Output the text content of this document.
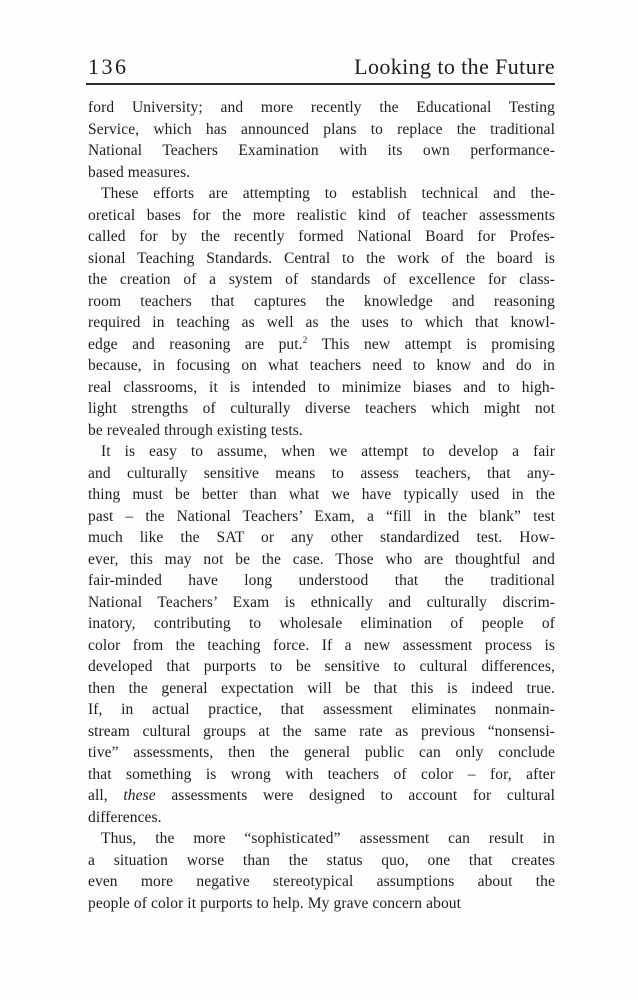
136	Looking to the Future
ford University; and more recently the Educational Testing
Service, which has announced plans to replace the traditional
National Teachers Examination with its own performance-
based measures.
These efforts are attempting to establish technical and the-
oretical bases for the more realistic kind of teacher assessments
called for by the recently formed National Board for Profes-
sional Teaching Standards. Central to the work of the board is
the creation of a system of standards of excellence for class-
room teachers that captures the knowledge and reasoning
required in teaching as well as the uses to which that knowl-
edge and reasoning are put.$^2$ This new attempt is promising
because, in focusing on what teachers need to know and do in
real classrooms, it is intended to minimize biases and to high-
light strengths of culturally diverse teachers which might not
be revealed through existing tests.
It is easy to assume, when we attempt to develop a fair
and culturally sensitive means to assess teachers, that any-
thing must be better than what we have typically used in the
past – the National Teachers’ Exam, a “fill in the blank” test
much like the SAT or any other standardized test. How-
ever, this may not be the case. Those who are thoughtful and
fair-minded have long understood that the traditional
National Teachers’ Exam is ethnically and culturally discrim-
inatory, contributing to wholesale elimination of people of
color from the teaching force. If a new assessment process is
developed that purports to be sensitive to cultural differences,
then the general expectation will be that this is indeed true.
If, in actual practice, that assessment eliminates nonmain-
stream cultural groups at the same rate as previous “nonsensi-
tive” assessments, then the general public can only conclude
that something is wrong with teachers of color – for, after
all, these assessments were designed to account for cultural
differences.
Thus, the more “sophisticated” assessment can result in
a situation worse than the status quo, one that creates
even more negative stereotypical assumptions about the
people of color it purports to help. My grave concern about
